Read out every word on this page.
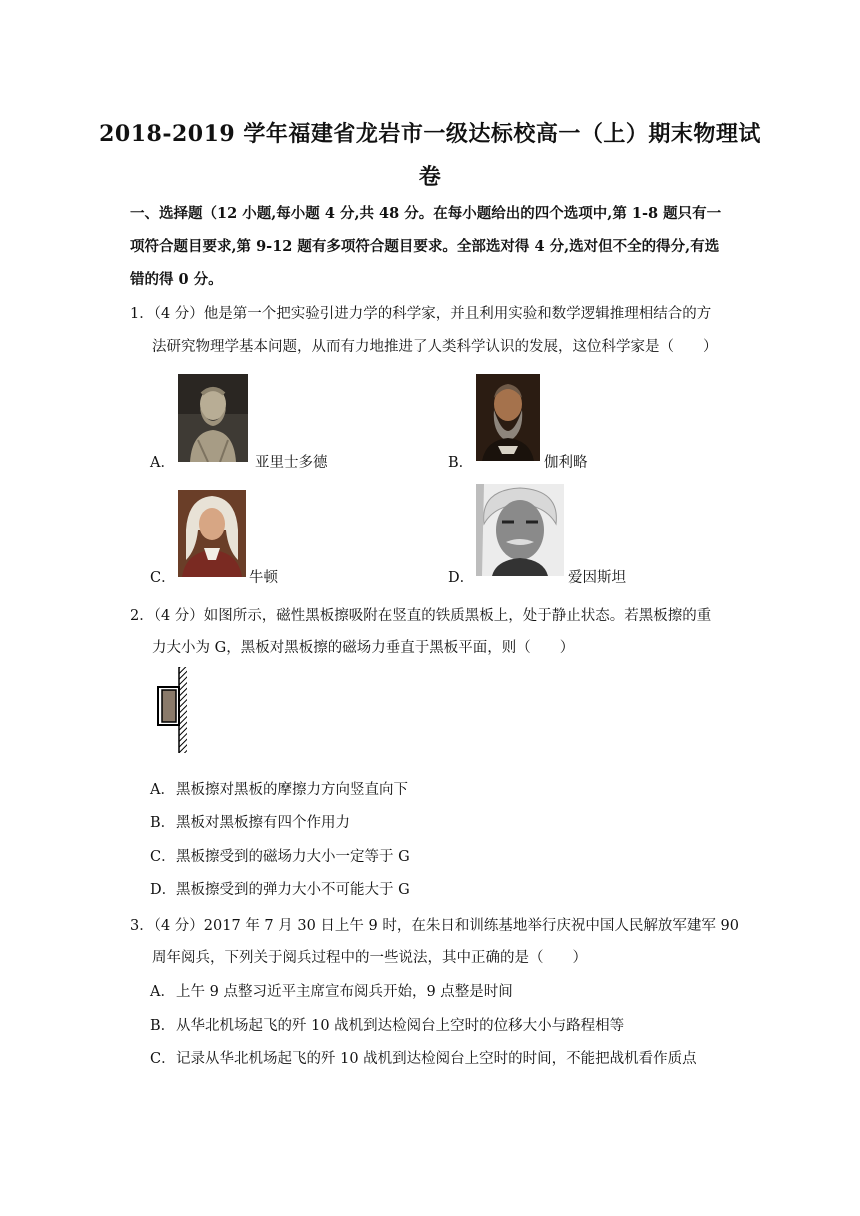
2018-2019 学年福建省龙岩市一级达标校高一（上）期末物理试
卷
一、选择题（12 小题,每小题 4 分,共 48 分。在每小题给出的四个选项中,第 1-8 题只有一项符合题目要求,第 9-12 题有多项符合题目要求。全部选对得 4 分,选对但不全的得分,有选错的得 0 分。
1．（4 分）他是第一个把实验引进力学的科学家，并且利用实验和数学逻辑推理相结合的方
法研究物理学基本问题，从而有力地推进了人类科学认识的发展，这位科学家是（　　）
A．	亚里士多德	B．	伽利略
C．	牛顿	D．	爱因斯坦
2．（4 分）如图所示，磁性黑板擦吸附在竖直的铁质黑板上，处于静止状态。若黑板擦的重
力大小为 G，黑板对黑板擦的磁场力垂直于黑板平面，则（　　）
A． 黑板擦对黑板的摩擦力方向竖直向下
B． 黑板对黑板擦有四个作用力
C． 黑板擦受到的磁场力大小一定等于 G
D． 黑板擦受到的弹力大小不可能大于 G
3．（4 分）2017 年 7 月 30 日上午 9 时，在朱日和训练基地举行庆祝中国人民解放军建军 90
周年阅兵，下列关于阅兵过程中的一些说法，其中正确的是（　　）
A． 上午 9 点整习近平主席宣布阅兵开始，9 点整是时间
B． 从华北机场起飞的歼 10 战机到达检阅台上空时的位移大小与路程相等
C． 记录从华北机场起飞的歼 10 战机到达检阅台上空时的时间，不能把战机看作质点
